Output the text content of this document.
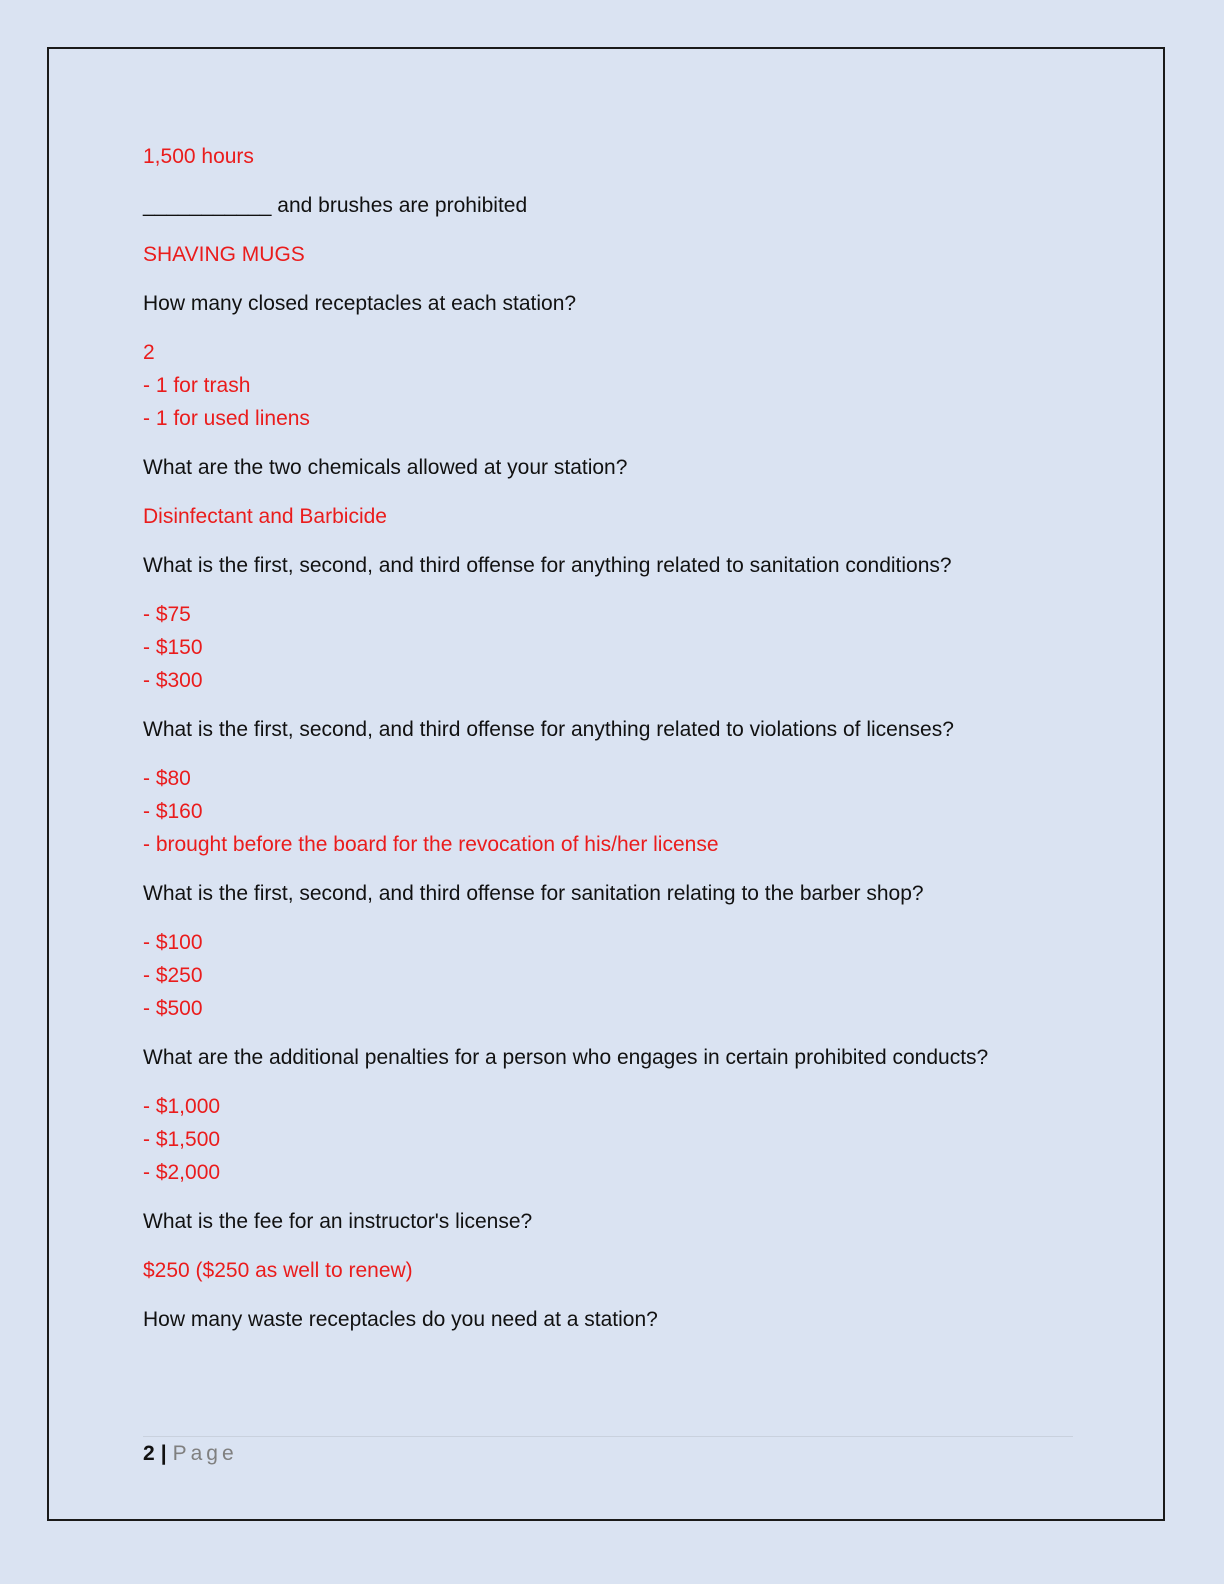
1,500 hours

___________ and brushes are prohibited

SHAVING MUGS

How many closed receptacles at each station?

2

- 1 for trash

- 1 for used linens

What are the two chemicals allowed at your station?

Disinfectant and Barbicide

What is the first, second, and third offense for anything related to sanitation conditions?

- $75

- $150

- $300

What is the first, second, and third offense for anything related to violations of licenses?

- $80

- $160

- brought before the board for the revocation of his/her license

What is the first, second, and third offense for sanitation relating to the barber shop?

- $100

- $250

- $500

What are the additional penalties for a person who engages in certain prohibited conducts?

- $1,000

- $1,500

- $2,000

What is the fee for an instructor's license?

$250 ($250 as well to renew)

How many waste receptacles do you need at a station?

2 | Page
